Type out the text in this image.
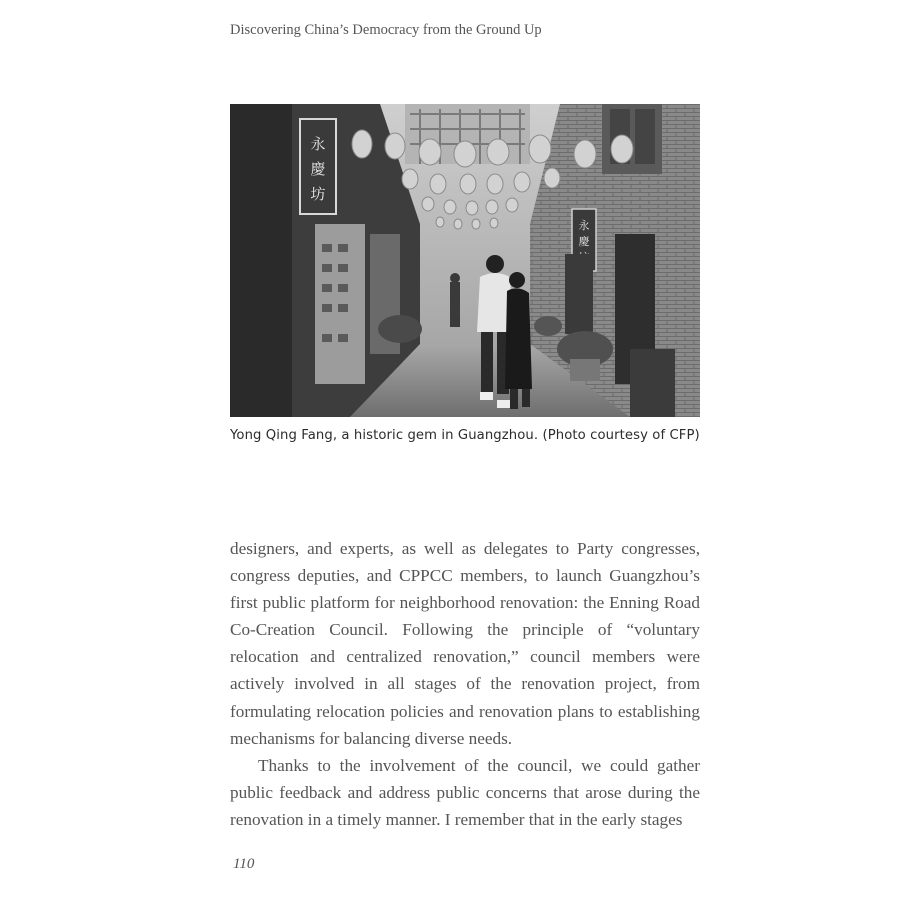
Discovering China’s Democracy from the Ground Up
永
慶
坊
永
慶
Yong Qing Fang, a historic gem in Guangzhou. (Photo courtesy of CFP)

designers, and experts, as well as delegates to Party congresses, congress deputies, and CPPCC members, to launch Guangzhou’s first public platform for neighborhood renovation: the Enning Road Co-Creation Council. Following the principle of “voluntary relocation and centralized renovation,” council members were actively involved in all stages of the renovation project, from formulating relocation policies and renovation plans to establishing mechanisms for balancing diverse needs.

Thanks to the involvement of the council, we could gather public feedback and address public concerns that arose during the renovation in a timely manner. I remember that in the early stages

110
